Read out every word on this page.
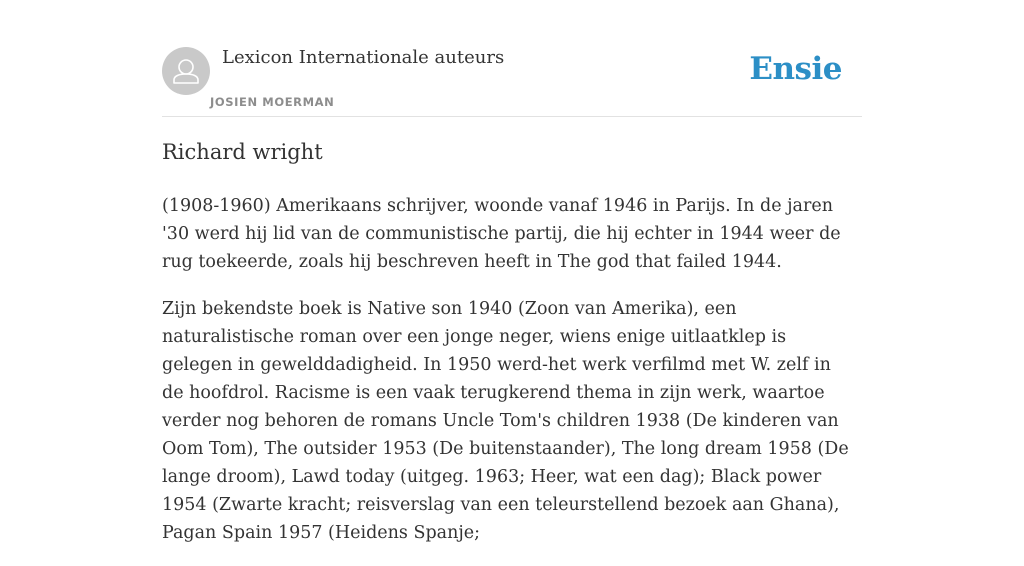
Lexicon Internationale auteurs
JOSIEN MOERMAN
Ensie
Richard wright

(1908-1960) Amerikaans schrijver, woonde vanaf 1946 in Parijs. In de jaren '30 werd hij lid van de communistische partij, die hij echter in 1944 weer de rug toekeerde, zoals hij beschreven heeft in The god that failed 1944.

Zijn bekendste boek is Native son 1940 (Zoon van Amerika), een naturalistische roman over een jonge neger, wiens enige uitlaatklep is gelegen in gewelddadigheid. In 1950 werd-het werk verfilmd met W. zelf in de hoofdrol. Racisme is een vaak terugkerend thema in zijn werk, waartoe verder nog behoren de romans Uncle Tom's children 1938 (De kinderen van Oom Tom), The outsider 1953 (De buitenstaander), The long dream 1958 (De lange droom), Lawd today (uitgeg. 1963; Heer, wat een dag); Black power 1954 (Zwarte kracht; reisverslag van een teleurstellend bezoek aan Ghana), Pagan Spain 1957 (Heidens Spanje;
